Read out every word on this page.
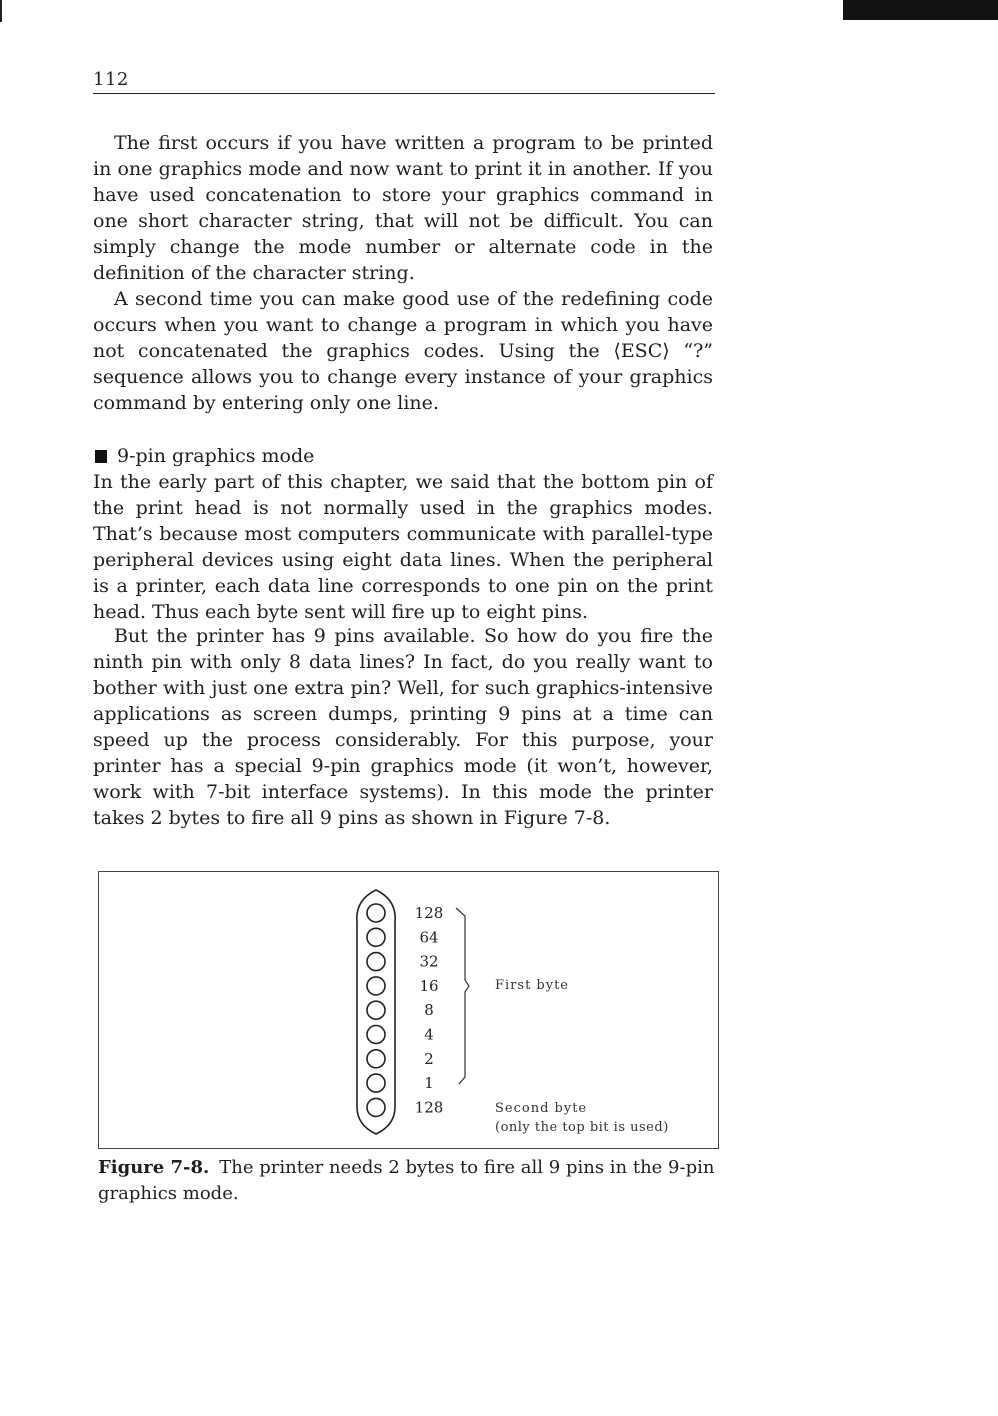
112

The first occurs if you have written a program to be printed in one graphics mode and now want to print it in another. If you have used concatenation to store your graphics command in one short character string, that will not be difficult. You can simply change the mode number or alternate code in the definition of the character string.

A second time you can make good use of the redefining code occurs when you want to change a program in which you have not concatenated the graphics codes. Using the ⟨ESC⟩ “?” sequence allows you to change every instance of your graphics command by entering only one line.

9-pin graphics mode

In the early part of this chapter, we said that the bottom pin of the print head is not normally used in the graphics modes. That’s because most computers communicate with parallel-type peripheral devices using eight data lines. When the peripheral is a printer, each data line corresponds to one pin on the print head. Thus each byte sent will fire up to eight pins.

But the printer has 9 pins available. So how do you fire the ninth pin with only 8 data lines? In fact, do you really want to bother with just one extra pin? Well, for such graphics-intensive applications as screen dumps, printing 9 pins at a time can speed up the process considerably. For this purpose, your printer has a special 9-pin graphics mode (it won’t, however, work with 7-bit interface systems). In this mode the printer takes 2 bytes to fire all 9 pins as shown in Figure 7-8.

128
64
32
16
8
4
2
1
128
First byte
Second byte
(only the top bit is used)
Figure 7-8. The printer needs 2 bytes to fire all 9 pins in the 9-pin graphics mode.
